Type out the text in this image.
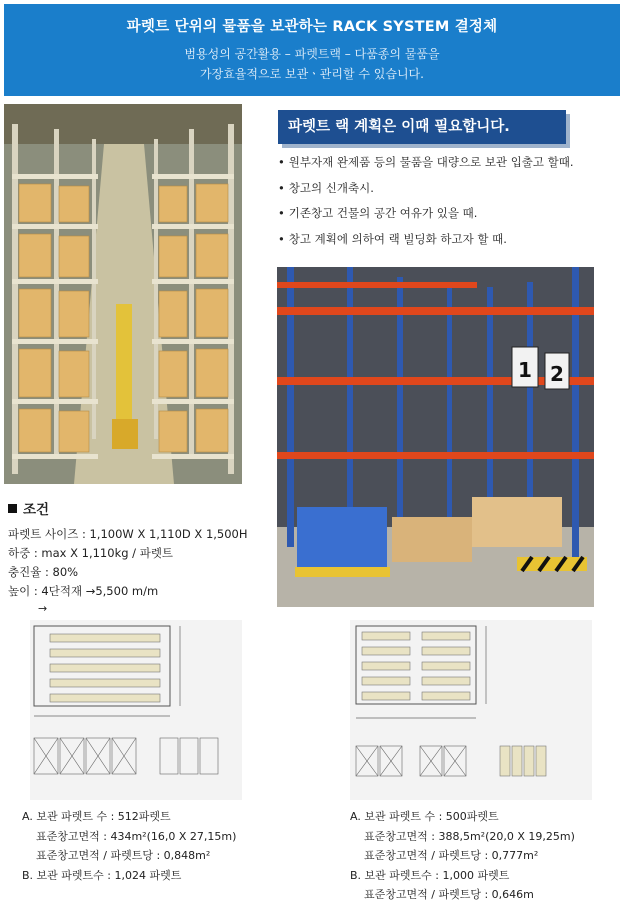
파렛트 단위의 물품을 보관하는 RACK SYSTEM 결정체
범용성의 공간활용 – 파렛트랙 – 다품종의 물품을
가장효율적으로 보관ㆍ관리할 수 있습니다.
파렛트 랙 계획은 이때 필요합니다.
• 원부자재 완제품 등의 물품을 대량으로 보관 입출고 할때.
• 창고의 신개축시.
• 기존창고 건물의 공간 여유가 있을 때.
• 창고 계획에 의하여 랙 빌딩화 하고자 할 때.
1 2
조건
파렛트 사이즈 : 1,100W X 1,110D X 1,500H
하중 : max X 1,110kg / 파렛트
충진율 : 80%
높이 : 4단적재 →5,500 m/m
→
A. 보관 파렛트 수 : 512파렛트
표준창고면적 : 434m²(16,0 X 27,15m)
표준창고면적 / 파렛트당 : 0,848m²
B. 보관 파렛트수 : 1,024 파렛트
A. 보관 파렛트 수 : 500파렛트
표준창고면적 : 388,5m²(20,0 X 19,25m)
표준창고면적 / 파렛트당 : 0,777m²
B. 보관 파렛트수 : 1,000 파렛트
표준창고면적 / 파렛트당 : 0,646m
